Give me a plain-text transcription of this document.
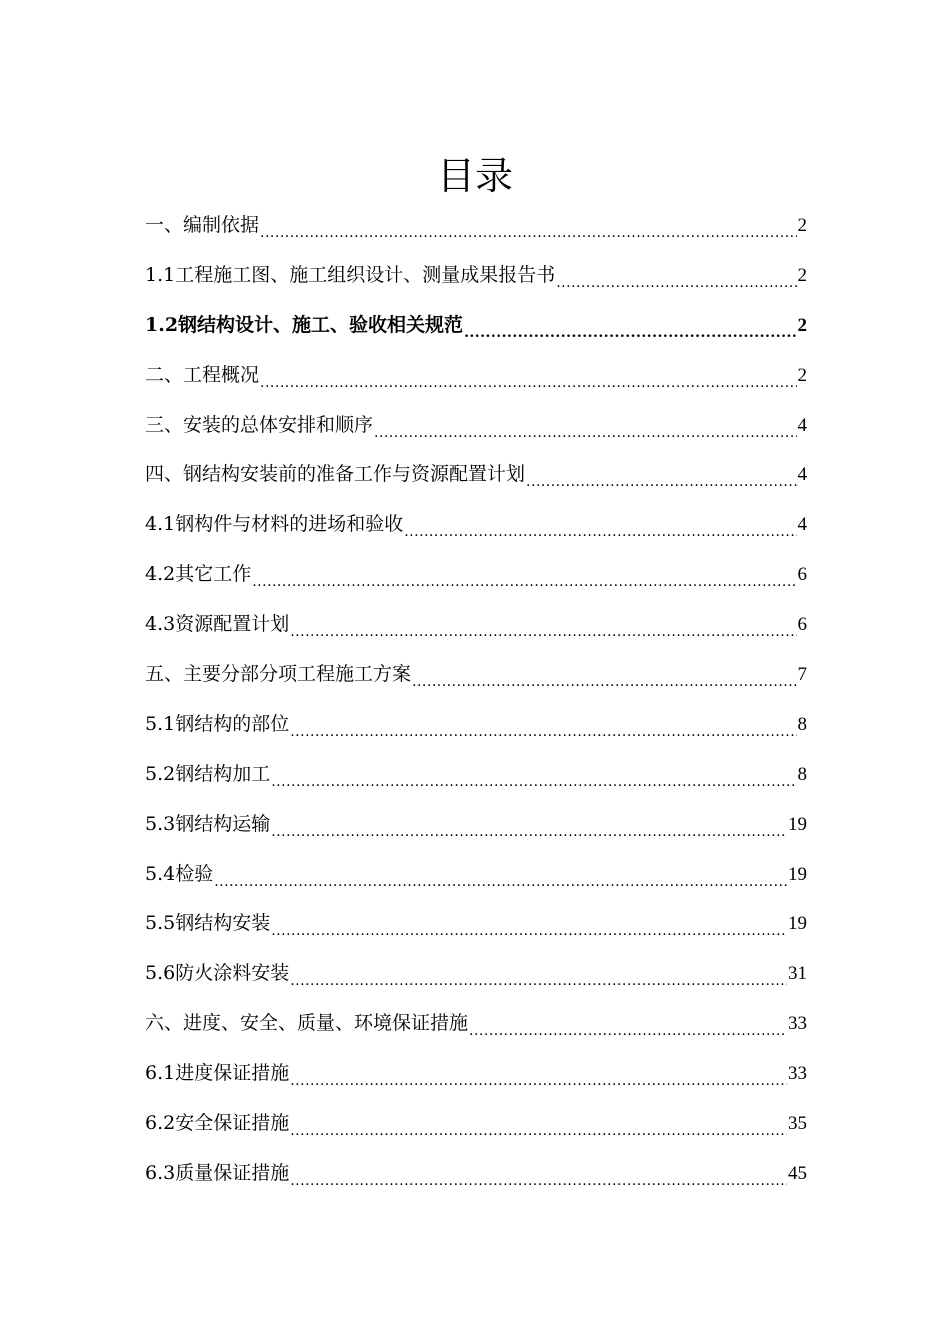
目录
一、编制依据 .....	2
1.1工程施工图、施工组织设计、测量成果报告书 .....	2
1.2钢结构设计、施工、验收相关规范 .....	2
二、工程概况 .....	2
三、安装的总体安排和顺序 .....	4
四、钢结构安装前的准备工作与资源配置计划 .....	4
4.1钢构件与材料的进场和验收 .....	4
4.2其它工作 .....	6
4.3资源配置计划 .....	6
五、主要分部分项工程施工方案 .....	7
5.1钢结构的部位 .....	8
5.2钢结构加工 .....	8
5.3钢结构运输 .....	19
5.4检验 .....	19
5.5钢结构安装 .....	19
5.6防火涂料安装 .....	31
六、进度、安全、质量、环境保证措施 .....	33
6.1进度保证措施 .....	33
6.2安全保证措施 .....	35
6.3质量保证措施 .....	45
